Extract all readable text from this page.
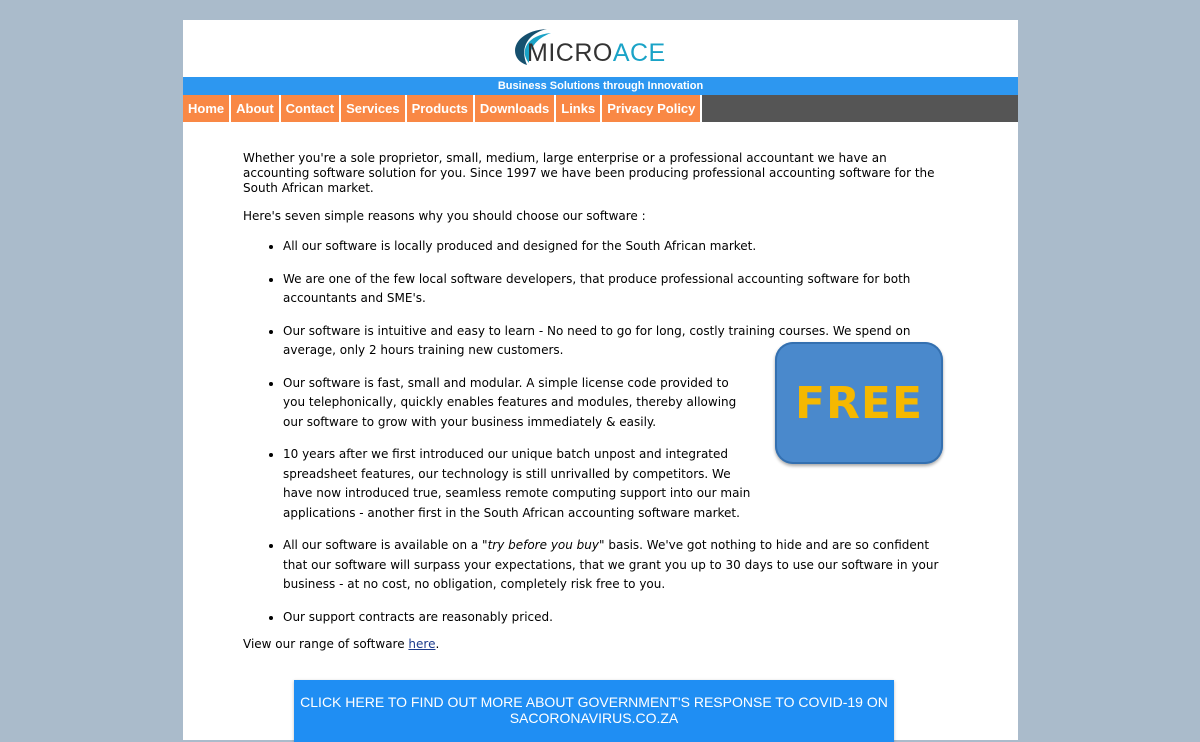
MICROACE
Business Solutions through Innovation
Home About Contact Services Products Downloads Links Privacy Policy

Whether you're a sole proprietor, small, medium, large enterprise or a professional accountant we have an accounting software solution for you. Since 1997 we have been producing professional accounting software for the South African market.

Here's seven simple reasons why you should choose our software :

• All our software is locally produced and designed for the South African market.
• We are one of the few local software developers, that produce professional accounting software for both accountants and SME's.
• Our software is intuitive and easy to learn - No need to go for long, costly training courses. We spend on average, only 2 hours training new customers.
• Our software is fast, small and modular. A simple license code provided to you telephonically, quickly enables features and modules, thereby allowing our software to grow with your business immediately & easily.
• 10 years after we first introduced our unique batch unpost and integrated spreadsheet features, our technology is still unrivalled by competitors. We have now introduced true, seamless remote computing support into our main applications - another first in the South African accounting software market.
• All our software is available on a "try before you buy" basis. We've got nothing to hide and are so confident that our software will surpass your expectations, that we grant you up to 30 days to use our software in your business - at no cost, no obligation, completely risk free to you.
• Our support contracts are reasonably priced.

View our range of software here.

FREE
CLICK HERE TO FIND OUT MORE ABOUT GOVERNMENT'S RESPONSE TO COVID-19 ON
SACORONAVIRUS.CO.ZA
